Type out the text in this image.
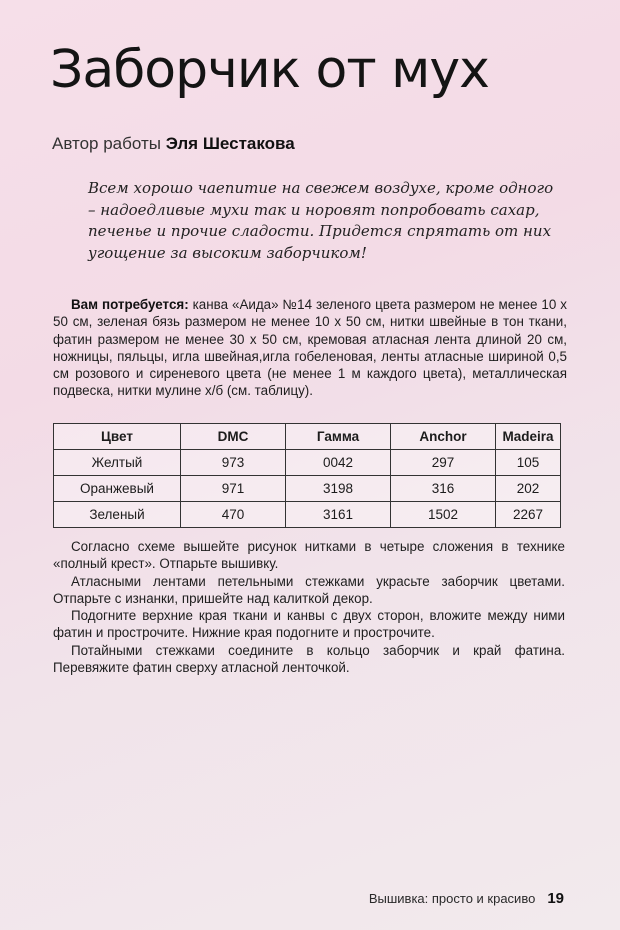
Заборчик от мух
Автор работы Эля Шестакова
Всем хорошо чаепитие на свежем воздухе, кроме одного – надоедливые мухи так и норовят попробовать сахар, печенье и прочие сладости. Придется спрятать от них угощение за высоким заборчиком!

Вам потребуется: канва «Аида» №14 зеленого цвета размером не менее 10 х 50 см, зеленая бязь размером не менее 10 х 50 см, нитки швейные в тон ткани, фатин размером не менее 30 х 50 см, кремовая атласная лента длиной 20 см, ножницы, пяльцы, игла швейная,игла гобеленовая, ленты атласные шириной 0,5 см розового и сиреневого цвета (не менее 1 м каждого цвета), металлическая подвеска, нитки мулине х/б (см. таблицу).

Цвет	DMC	Гамма	Anchor	Madeira
Желтый	973	0042	297	105
Оранжевый	971	3198	316	202
Зеленый	470	3161	1502	2267

Согласно схеме вышейте рисунок нитками в четыре сложения в технике «полный крест». Отпарьте вышивку.

Атласными лентами петельными стежками украсьте заборчик цветами. Отпарьте с изнанки, пришейте над калиткой декор.

Подогните верхние края ткани и канвы с двух сторон, вложите между ними фатин и прострочите. Нижние края подогните и прострочите.

Потайными стежками соедините в кольцо заборчик и край фатина. Перевяжите фатин сверху атласной ленточкой.

Вышивка: просто и красиво 19
